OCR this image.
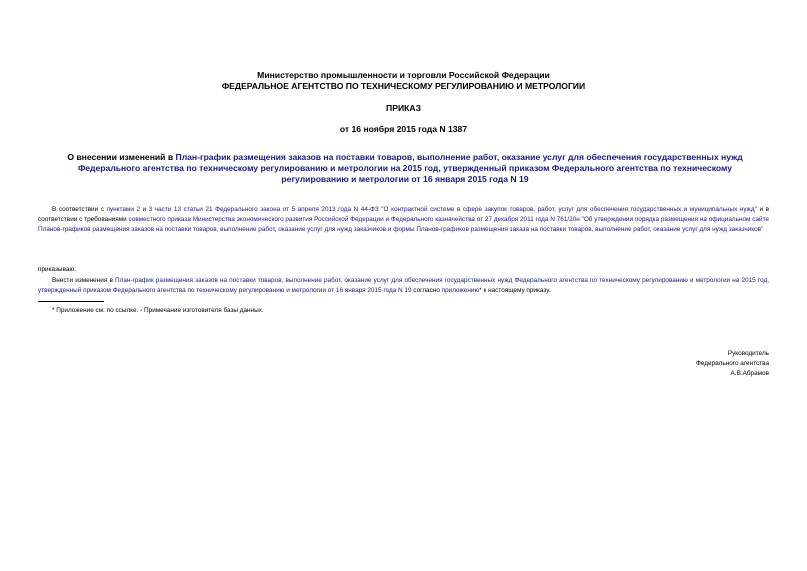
Министерство промышленности и торговли Российской Федерации
ФЕДЕРАЛЬНОЕ АГЕНТСТВО ПО ТЕХНИЧЕСКОМУ РЕГУЛИРОВАНИЮ И МЕТРОЛОГИИ
ПРИКАЗ
от 16 ноября 2015 года N 1387
О внесении изменений в План-график размещения заказов на поставки товаров, выполнение работ, оказание услуг для обеспечения государственных нужд Федерального агентства по техническому регулированию и метрологии на 2015 год, утвержденный приказом Федерального агентства по техническому регулированию и метрологии от 16 января 2015 года N 19
В соответствии с пунктами 2 и 3 части 13 статьи 21 Федерального закона от 5 апреля 2013 года N 44-ФЗ "О контрактной системе в сфере закупок товаров, работ, услуг для обеспечения государственных и муниципальных нужд" и в соответствии с требованиями совместного приказа Министерства экономического развития Российской Федерации и Федерального казначейства от 27 декабря 2011 года N 761/20н "Об утверждении порядка размещения на официальном сайте Планов-графиков размещения заказов на поставки товаров, выполнение работ, оказание услуг для нужд заказчиков и формы Планов-графиков размещения заказа на поставки товаров, выполнение работ, оказание услуг для нужд заказчиков"
приказываю:
Внести изменения в План-график размещения заказов на поставки товаров, выполнение работ, оказание услуг для обеспечения государственных нужд Федерального агентства по техническому регулированию и метрологии на 2015 год, утвержденный приказом Федерального агентства по техническому регулированию и метрологии от 16 января 2015 года N 19 согласно приложению* к настоящему приказу.
* Приложение см. по ссылке. - Примечание изготовителя базы данных.
Руководитель
Федерального агентства
А.В.Абрамов
